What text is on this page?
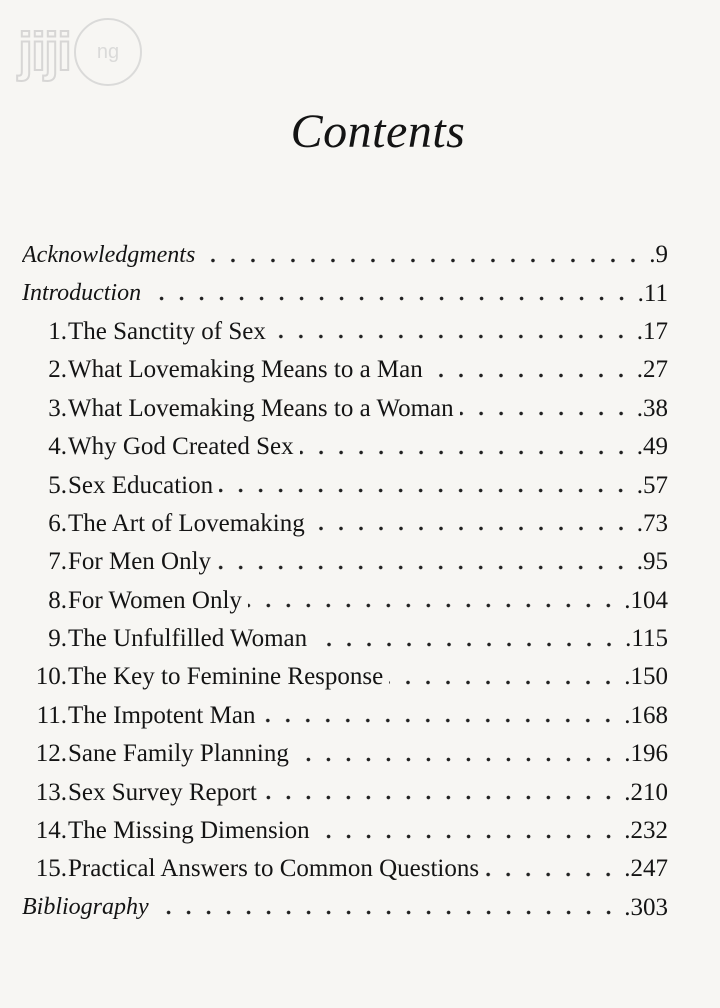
jiji ng
Contents
Acknowledgments	.9
Introduction	.11
1. The Sanctity of Sex	.17
2. What Lovemaking Means to a Man	.27
3. What Lovemaking Means to a Woman	.38
4. Why God Created Sex	.49
5. Sex Education	.57
6. The Art of Lovemaking	.73
7. For Men Only	.95
8. For Women Only	.104
9. The Unfulfilled Woman	.115
10. The Key to Feminine Response	.150
11. The Impotent Man	.168
12. Sane Family Planning	.196
13. Sex Survey Report	.210
14. The Missing Dimension	.232
15. Practical Answers to Common Questions	.247
Bibliography	.303
